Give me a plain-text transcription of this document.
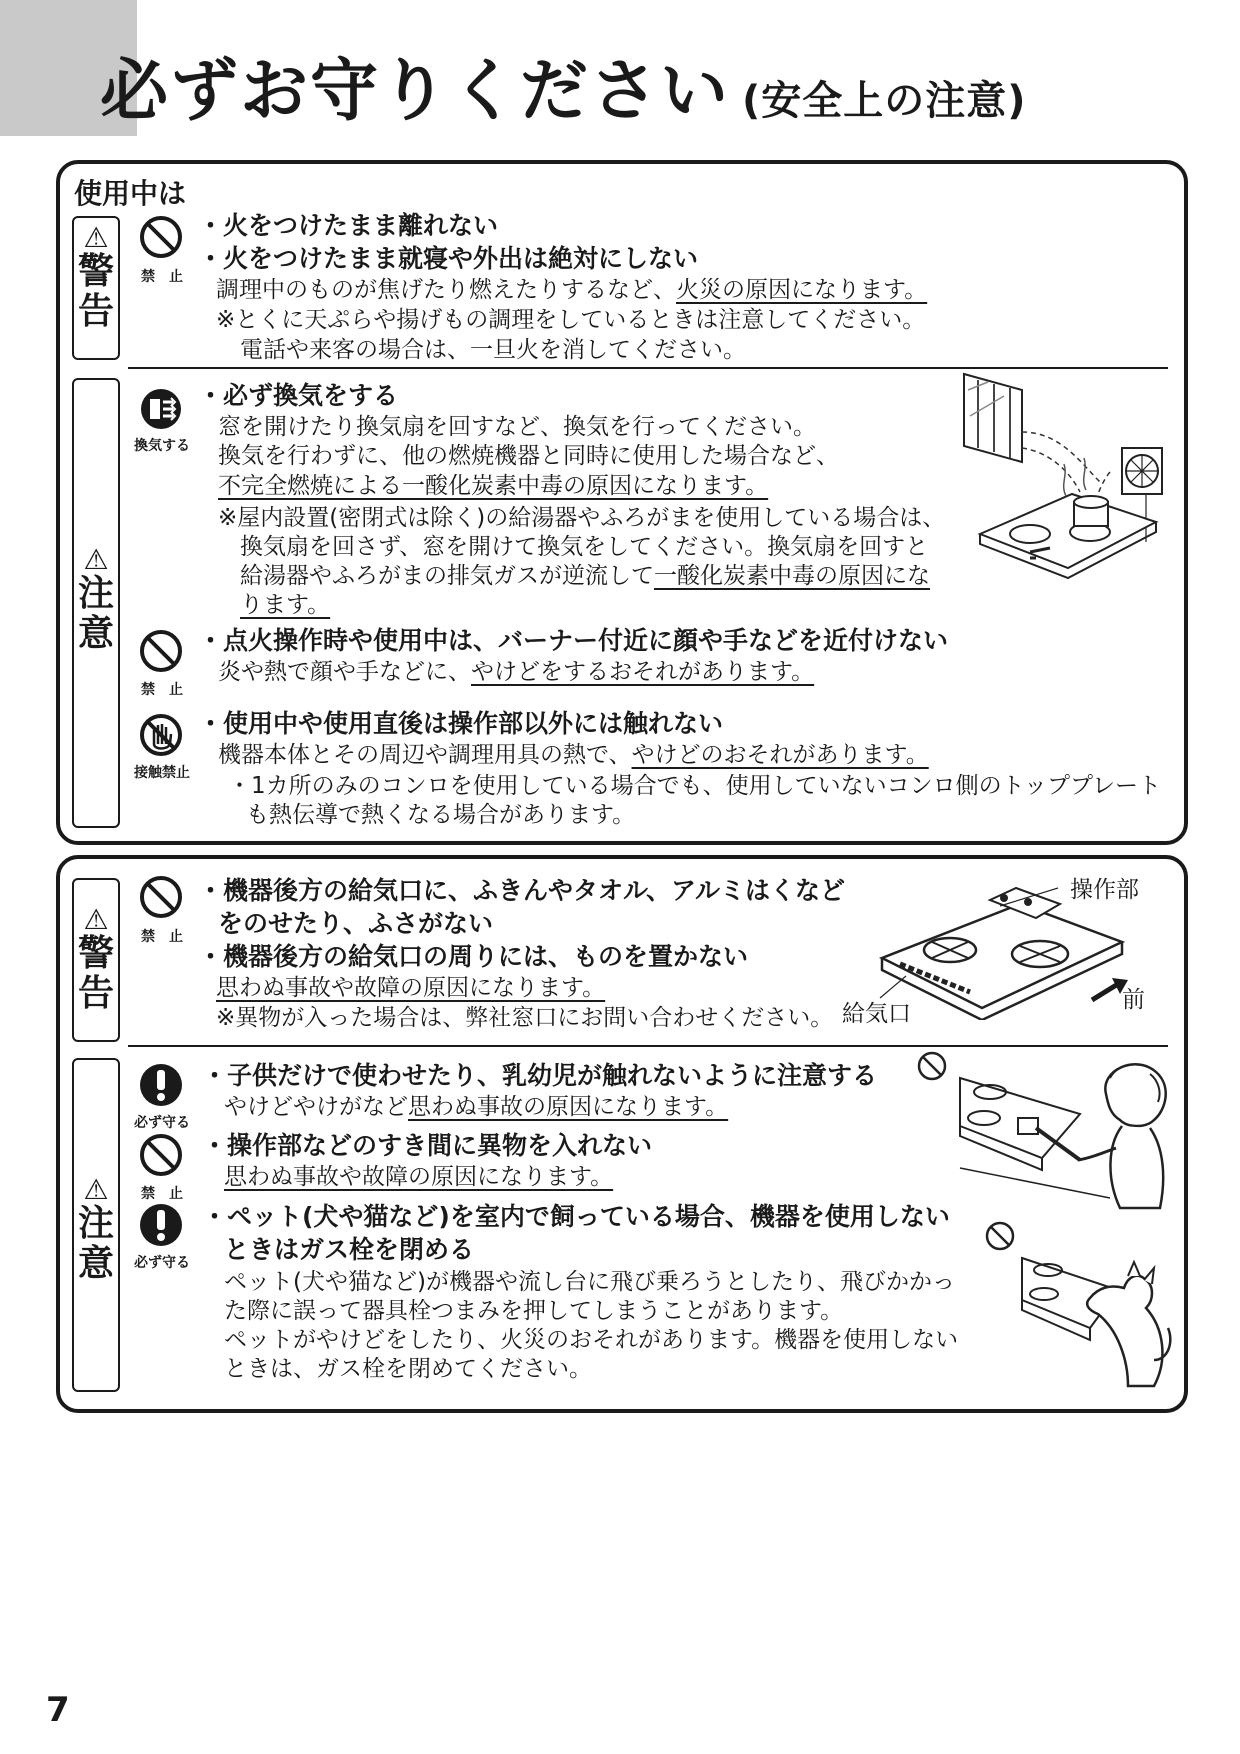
必ずお守りください (安全上の注意)
使用中は
⚠
警
告
禁　止
・火をつけたまま離れない
・火をつけたまま就寝や外出は絶対にしない
調理中のものが焦げたり燃えたりするなど、火災の原因になります。
※とくに天ぷらや揚げもの調理をしているときは注意してください。
電話や来客の場合は、一旦火を消してください。
⚠
注
意
換気する
・必ず換気をする
窓を開けたり換気扇を回すなど、換気を行ってください。
換気を行わずに、他の燃焼機器と同時に使用した場合など、
不完全燃焼による一酸化炭素中毒の原因になります。
※屋内設置(密閉式は除く)の給湯器やふろがまを使用している場合は、
換気扇を回さず、窓を開けて換気をしてください。換気扇を回すと
給湯器やふろがまの排気ガスが逆流して一酸化炭素中毒の原因にな
ります。
禁　止
・点火操作時や使用中は、バーナー付近に顔や手などを近付けない
炎や熱で顔や手などに、やけどをするおそれがあります。
接触禁止
・使用中や使用直後は操作部以外には触れない
機器本体とその周辺や調理用具の熱で、やけどのおそれがあります。
・1カ所のみのコンロを使用している場合でも、使用していないコンロ側のトッププレート
も熱伝導で熱くなる場合があります。
⚠
警
告
禁　止
・機器後方の給気口に、ふきんやタオル、アルミはくなど
をのせたり、ふさがない
・機器後方の給気口の周りには、ものを置かない
思わぬ事故や故障の原因になります。
※異物が入った場合は、弊社窓口にお問い合わせください。
操作部
給気口
前
⚠
注
意
必ず守る
・子供だけで使わせたり、乳幼児が触れないように注意する
やけどやけがなど思わぬ事故の原因になります。
禁　止
・操作部などのすき間に異物を入れない
思わぬ事故や故障の原因になります。
必ず守る
・ペット(犬や猫など)を室内で飼っている場合、機器を使用しない
ときはガス栓を閉める
ペット(犬や猫など)が機器や流し台に飛び乗ろうとしたり、飛びかかっ
た際に誤って器具栓つまみを押してしまうことがあります。
ペットがやけどをしたり、火災のおそれがあります。機器を使用しない
ときは、ガス栓を閉めてください。
7
